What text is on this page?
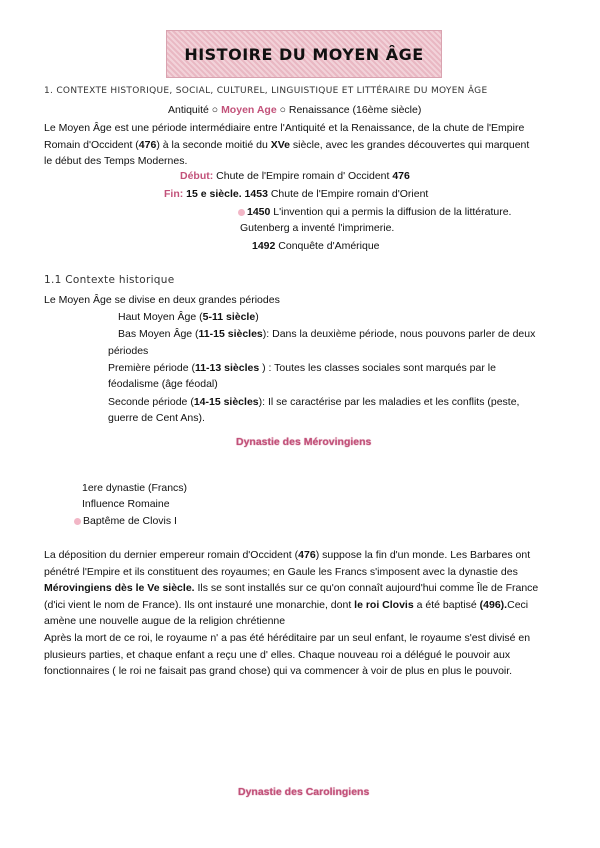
HISTOIRE DU MOYEN ÂGE
1. CONTEXTE HISTORIQUE, SOCIAL, CULTUREL, LINGUISTIQUE ET LITTÉRAIRE DU MOYEN ÂGE
Antiquité ○ Moyen Age ○ Renaissance (16ème siècle)
Le Moyen Âge est une période intermédiaire entre l'Antiquité et la Renaissance, de la chute de l'Empire
Romain d'Occident (476) à la seconde moitié du XVe siècle, avec les grandes découvertes qui marquent
le début des Temps Modernes.
Début: Chute de l'Empire romain d' Occident 476
Fin: 15 e siècle. 1453 Chute de l'Empire romain d'Orient
1450 L'invention qui a permis la diffusion de la littérature.
Gutenberg a inventé l'imprimerie.
1492 Conquête d'Amérique
1.1 Contexte historique
Le Moyen Âge se divise en deux grandes périodes
Haut Moyen Âge (5-11 siècle)
Bas Moyen Âge (11-15 siècles): Dans la deuxième période, nous pouvons parler de deux
périodes
Première période (11-13 siècles ) : Toutes les classes sociales sont marqués par le
féodalisme (âge féodal)
Seconde période (14-15 siècles): Il se caractérise par les maladies et les conflits (peste,
guerre de Cent Ans).
Dynastie des Mérovingiens
1ere dynastie (Francs)
Influence Romaine
Baptême de Clovis I
La déposition du dernier empereur romain d'Occident (476) suppose la fin d'un monde. Les Barbares ont
pénétré l'Empire et ils constituent des royaumes; en Gaule les Francs s'imposent avec la dynastie des
Mérovingiens dès le Ve siècle. Ils se sont installés sur ce qu'on connaît aujourd'hui comme Île de France
(d'ici vient le nom de France). Ils ont instauré une monarchie, dont le roi Clovis a été baptisé (496).Ceci
amène une nouvelle augue de la religion chrétienne
Après la mort de ce roi, le royaume n' a pas été héréditaire par un seul enfant, le royaume s'est divisé en
plusieurs parties, et chaque enfant a reçu une d' elles. Chaque nouveau roi a délégué le pouvoir aux
fonctionnaires ( le roi ne faisait pas grand chose) qui va commencer à voir de plus en plus le pouvoir.
Dynastie des Carolingiens
